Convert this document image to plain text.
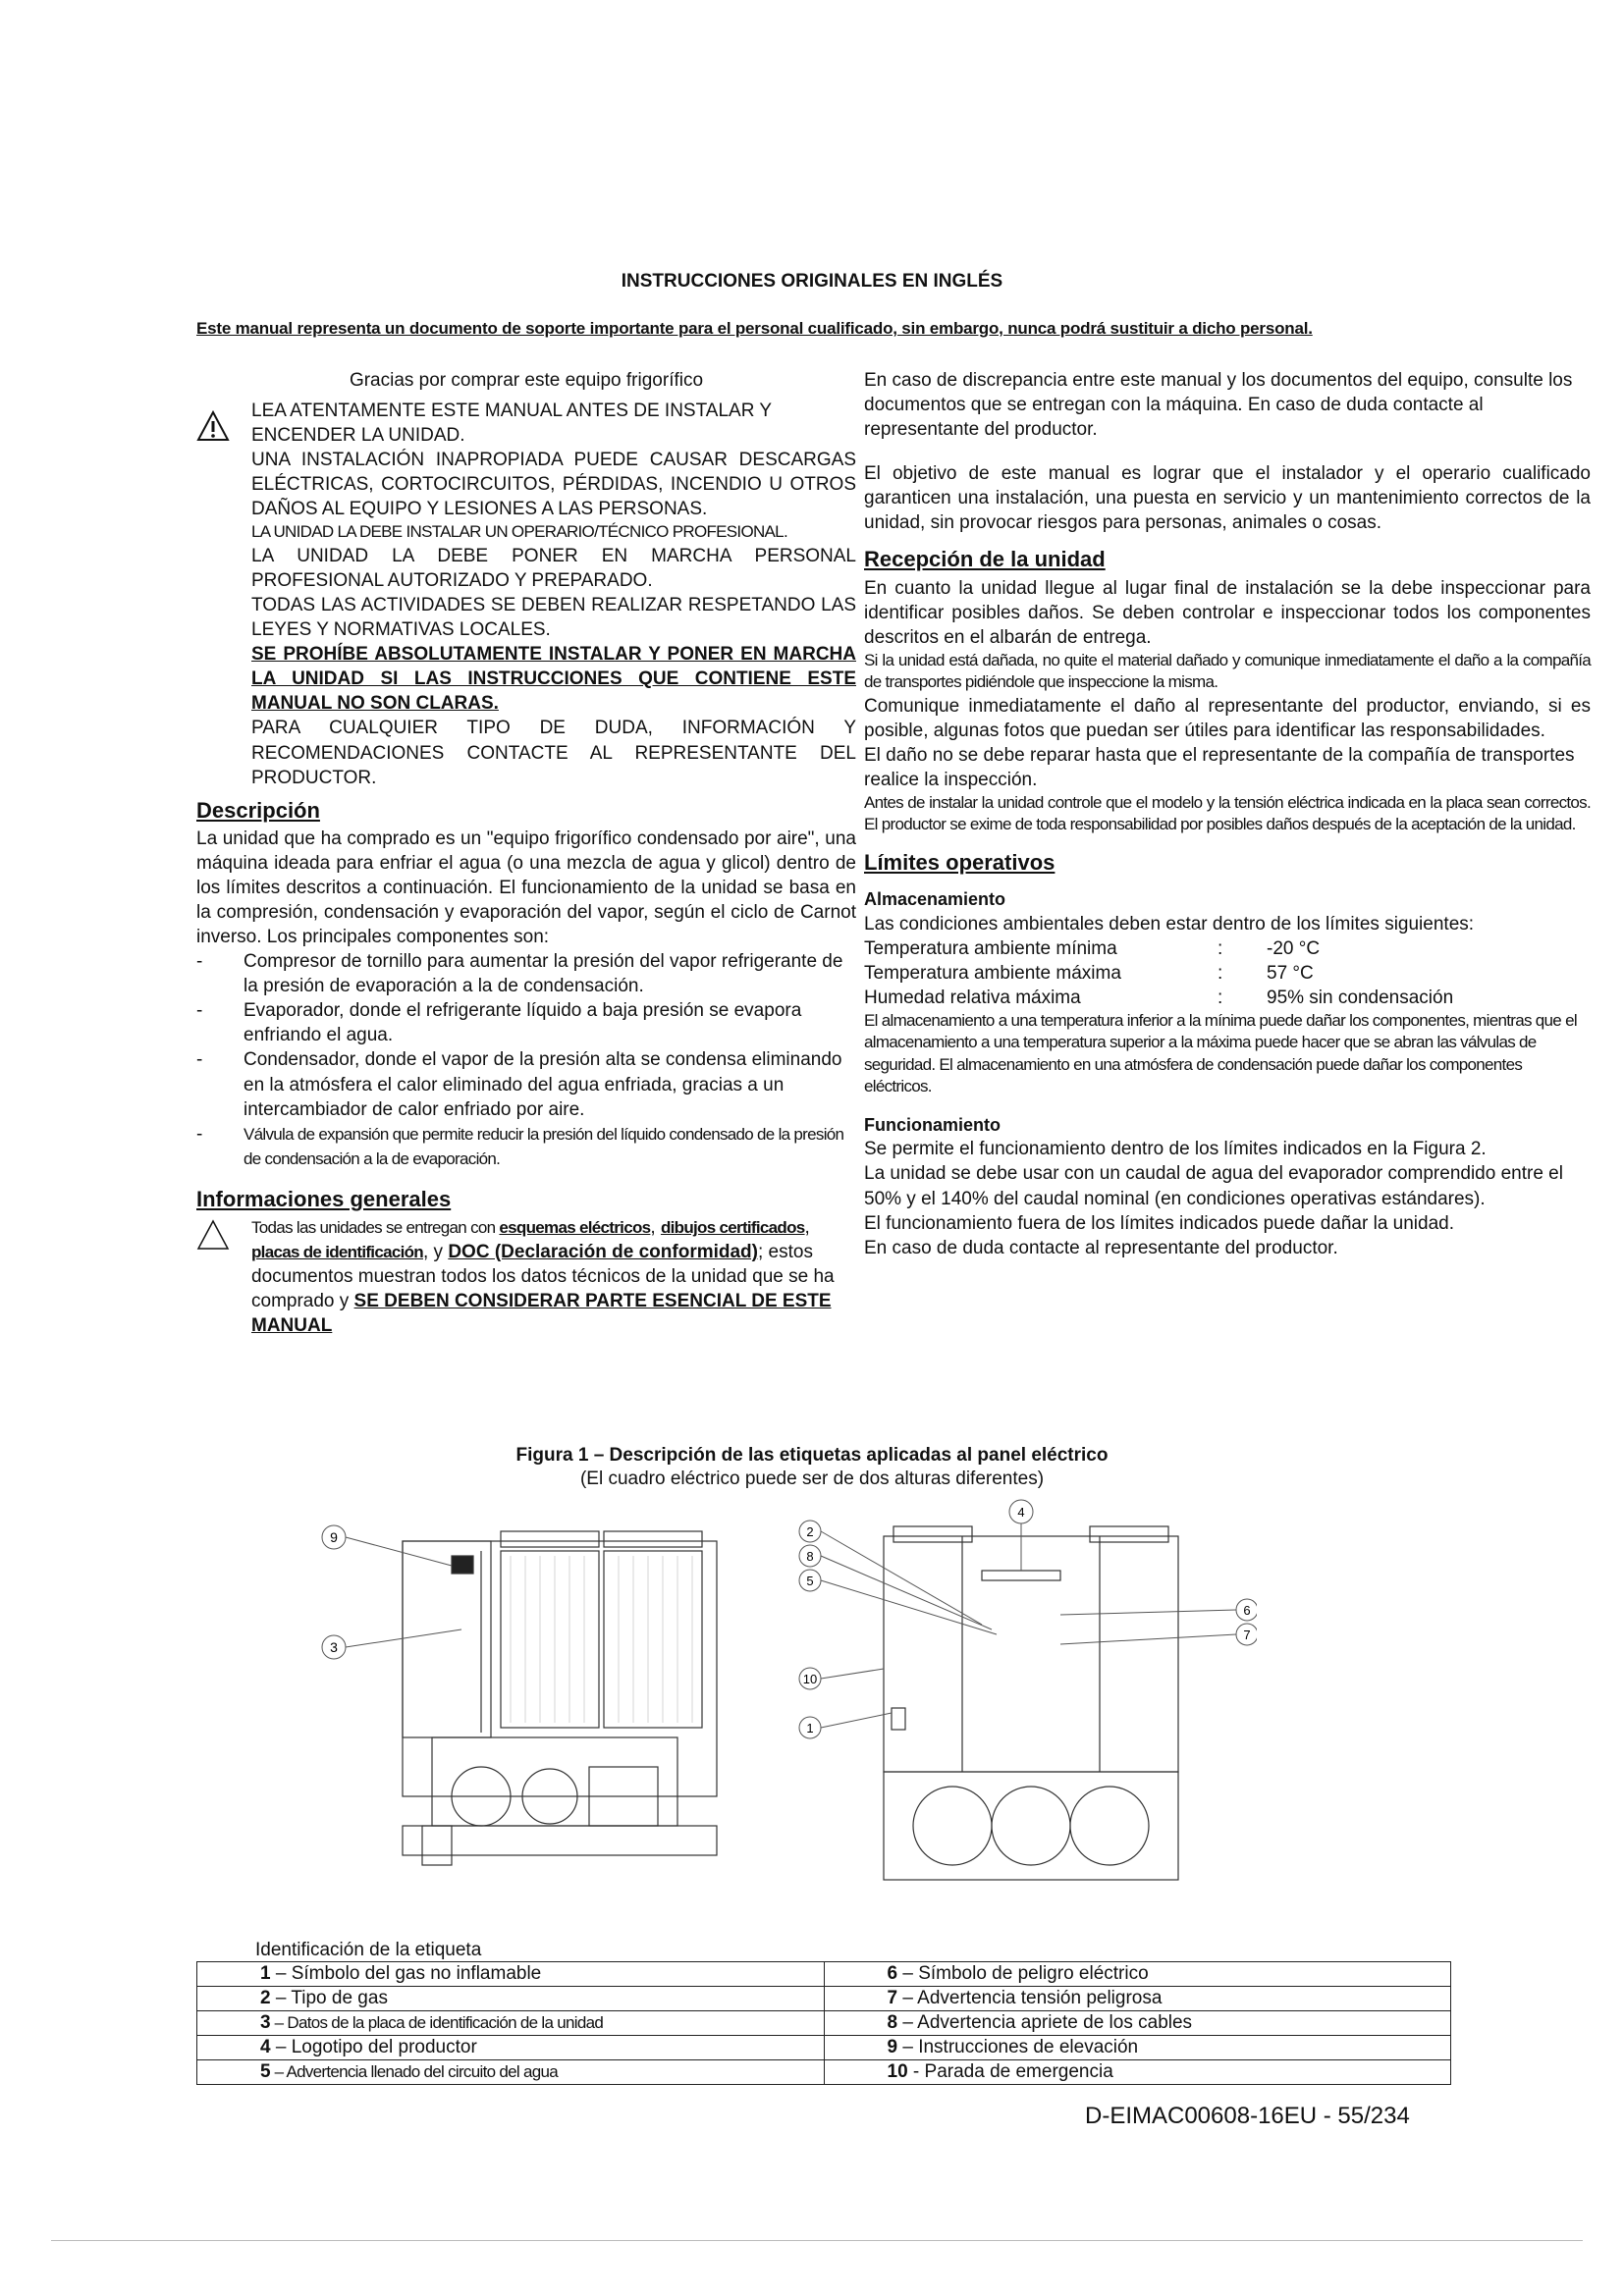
INSTRUCCIONES ORIGINALES EN INGLÉS
Este manual representa un documento de soporte importante para el personal cualificado, sin embargo, nunca podrá sustituir a dicho personal.

Gracias por comprar este equipo frigorífico

LEA ATENTAMENTE ESTE MANUAL ANTES DE INSTALAR Y ENCENDER LA UNIDAD.

UNA INSTALACIÓN INAPROPIADA PUEDE CAUSAR DESCARGAS ELÉCTRICAS, CORTOCIRCUITOS, PÉRDIDAS, INCENDIO U OTROS DAÑOS AL EQUIPO Y LESIONES A LAS PERSONAS.

LA UNIDAD LA DEBE INSTALAR UN OPERARIO/TÉCNICO PROFESIONAL.

LA UNIDAD LA DEBE PONER EN MARCHA PERSONAL PROFESIONAL AUTORIZADO Y PREPARADO.

TODAS LAS ACTIVIDADES SE DEBEN REALIZAR RESPETANDO LAS LEYES Y NORMATIVAS LOCALES.

SE PROHÍBE ABSOLUTAMENTE INSTALAR Y PONER EN MARCHA LA UNIDAD SI LAS INSTRUCCIONES QUE CONTIENE ESTE MANUAL NO SON CLARAS.

PARA CUALQUIER TIPO DE DUDA, INFORMACIÓN Y RECOMENDACIONES CONTACTE AL REPRESENTANTE DEL PRODUCTOR.

Descripción

La unidad que ha comprado es un "equipo frigorífico condensado por aire", una máquina ideada para enfriar el agua (o una mezcla de agua y glicol) dentro de los límites descritos a continuación. El funcionamiento de la unidad se basa en la compresión, condensación y evaporación del vapor, según el ciclo de Carnot inverso. Los principales componentes son:

- Compresor de tornillo para aumentar la presión del vapor refrigerante de la presión de evaporación a la de condensación.
- Evaporador, donde el refrigerante líquido a baja presión se evapora enfriando el agua.
- Condensador, donde el vapor de la presión alta se condensa eliminando en la atmósfera el calor eliminado del agua enfriada, gracias a un intercambiador de calor enfriado por aire.
- Válvula de expansión que permite reducir la presión del líquido condensado de la presión de condensación a la de evaporación.
Informaciones generales

Todas las unidades se entregan con esquemas eléctricos, dibujos certificados, placas de identificación, y DOC (Declaración de conformidad); estos documentos muestran todos los datos técnicos de la unidad que se ha comprado y SE DEBEN CONSIDERAR PARTE ESENCIAL DE ESTE MANUAL

En caso de discrepancia entre este manual y los documentos del equipo, consulte los documentos que se entregan con la máquina. En caso de duda contacte al representante del productor.

El objetivo de este manual es lograr que el instalador y el operario cualificado garanticen una instalación, una puesta en servicio y un mantenimiento correctos de la unidad, sin provocar riesgos para personas, animales o cosas.

Recepción de la unidad

En cuanto la unidad llegue al lugar final de instalación se la debe inspeccionar para identificar posibles daños. Se deben controlar e inspeccionar todos los componentes descritos en el albarán de entrega.

Si la unidad está dañada, no quite el material dañado y comunique inmediatamente el daño a la compañía de transportes pidiéndole que inspeccione la misma.

Comunique inmediatamente el daño al representante del productor, enviando, si es posible, algunas fotos que puedan ser útiles para identificar las responsabilidades.

El daño no se debe reparar hasta que el representante de la compañía de transportes realice la inspección.

Antes de instalar la unidad controle que el modelo y la tensión eléctrica indicada en la placa sean correctos. El productor se exime de toda responsabilidad por posibles daños después de la aceptación de la unidad.

Límites operativos
Almacenamiento

Las condiciones ambientales deben estar dentro de los límites siguientes:

Temperatura ambiente mínima	:	-20 °C
Temperatura ambiente máxima	:	57 °C
Humedad relativa máxima	:	95% sin condensación

El almacenamiento a una temperatura inferior a la mínima puede dañar los componentes, mientras que el almacenamiento a una temperatura superior a la máxima puede hacer que se abran las válvulas de seguridad. El almacenamiento en una atmósfera de condensación puede dañar los componentes eléctricos.

Funcionamiento

Se permite el funcionamiento dentro de los límites indicados en la Figura 2.

La unidad se debe usar con un caudal de agua del evaporador comprendido entre el 50% y el 140% del caudal nominal (en condiciones operativas estándares).

El funcionamiento fuera de los límites indicados puede dañar la unidad.

En caso de duda contacte al representante del productor.

Figura 1 – Descripción de las etiquetas aplicadas al panel eléctrico
(El cuadro eléctrico puede ser de dos alturas diferentes)
9
3
2
8
5
4
6
7
10
1
Identificación de la etiqueta
1 – Símbolo del gas no inflamable	6 – Símbolo de peligro eléctrico
2 – Tipo de gas	7 – Advertencia tensión peligrosa
3 – Datos de la placa de identificación de la unidad	8 – Advertencia apriete de los cables
4 – Logotipo del productor	9 – Instrucciones de elevación
5 – Advertencia llenado del circuito del agua	10 - Parada de emergencia
D-EIMAC00608-16EU - 55/234
